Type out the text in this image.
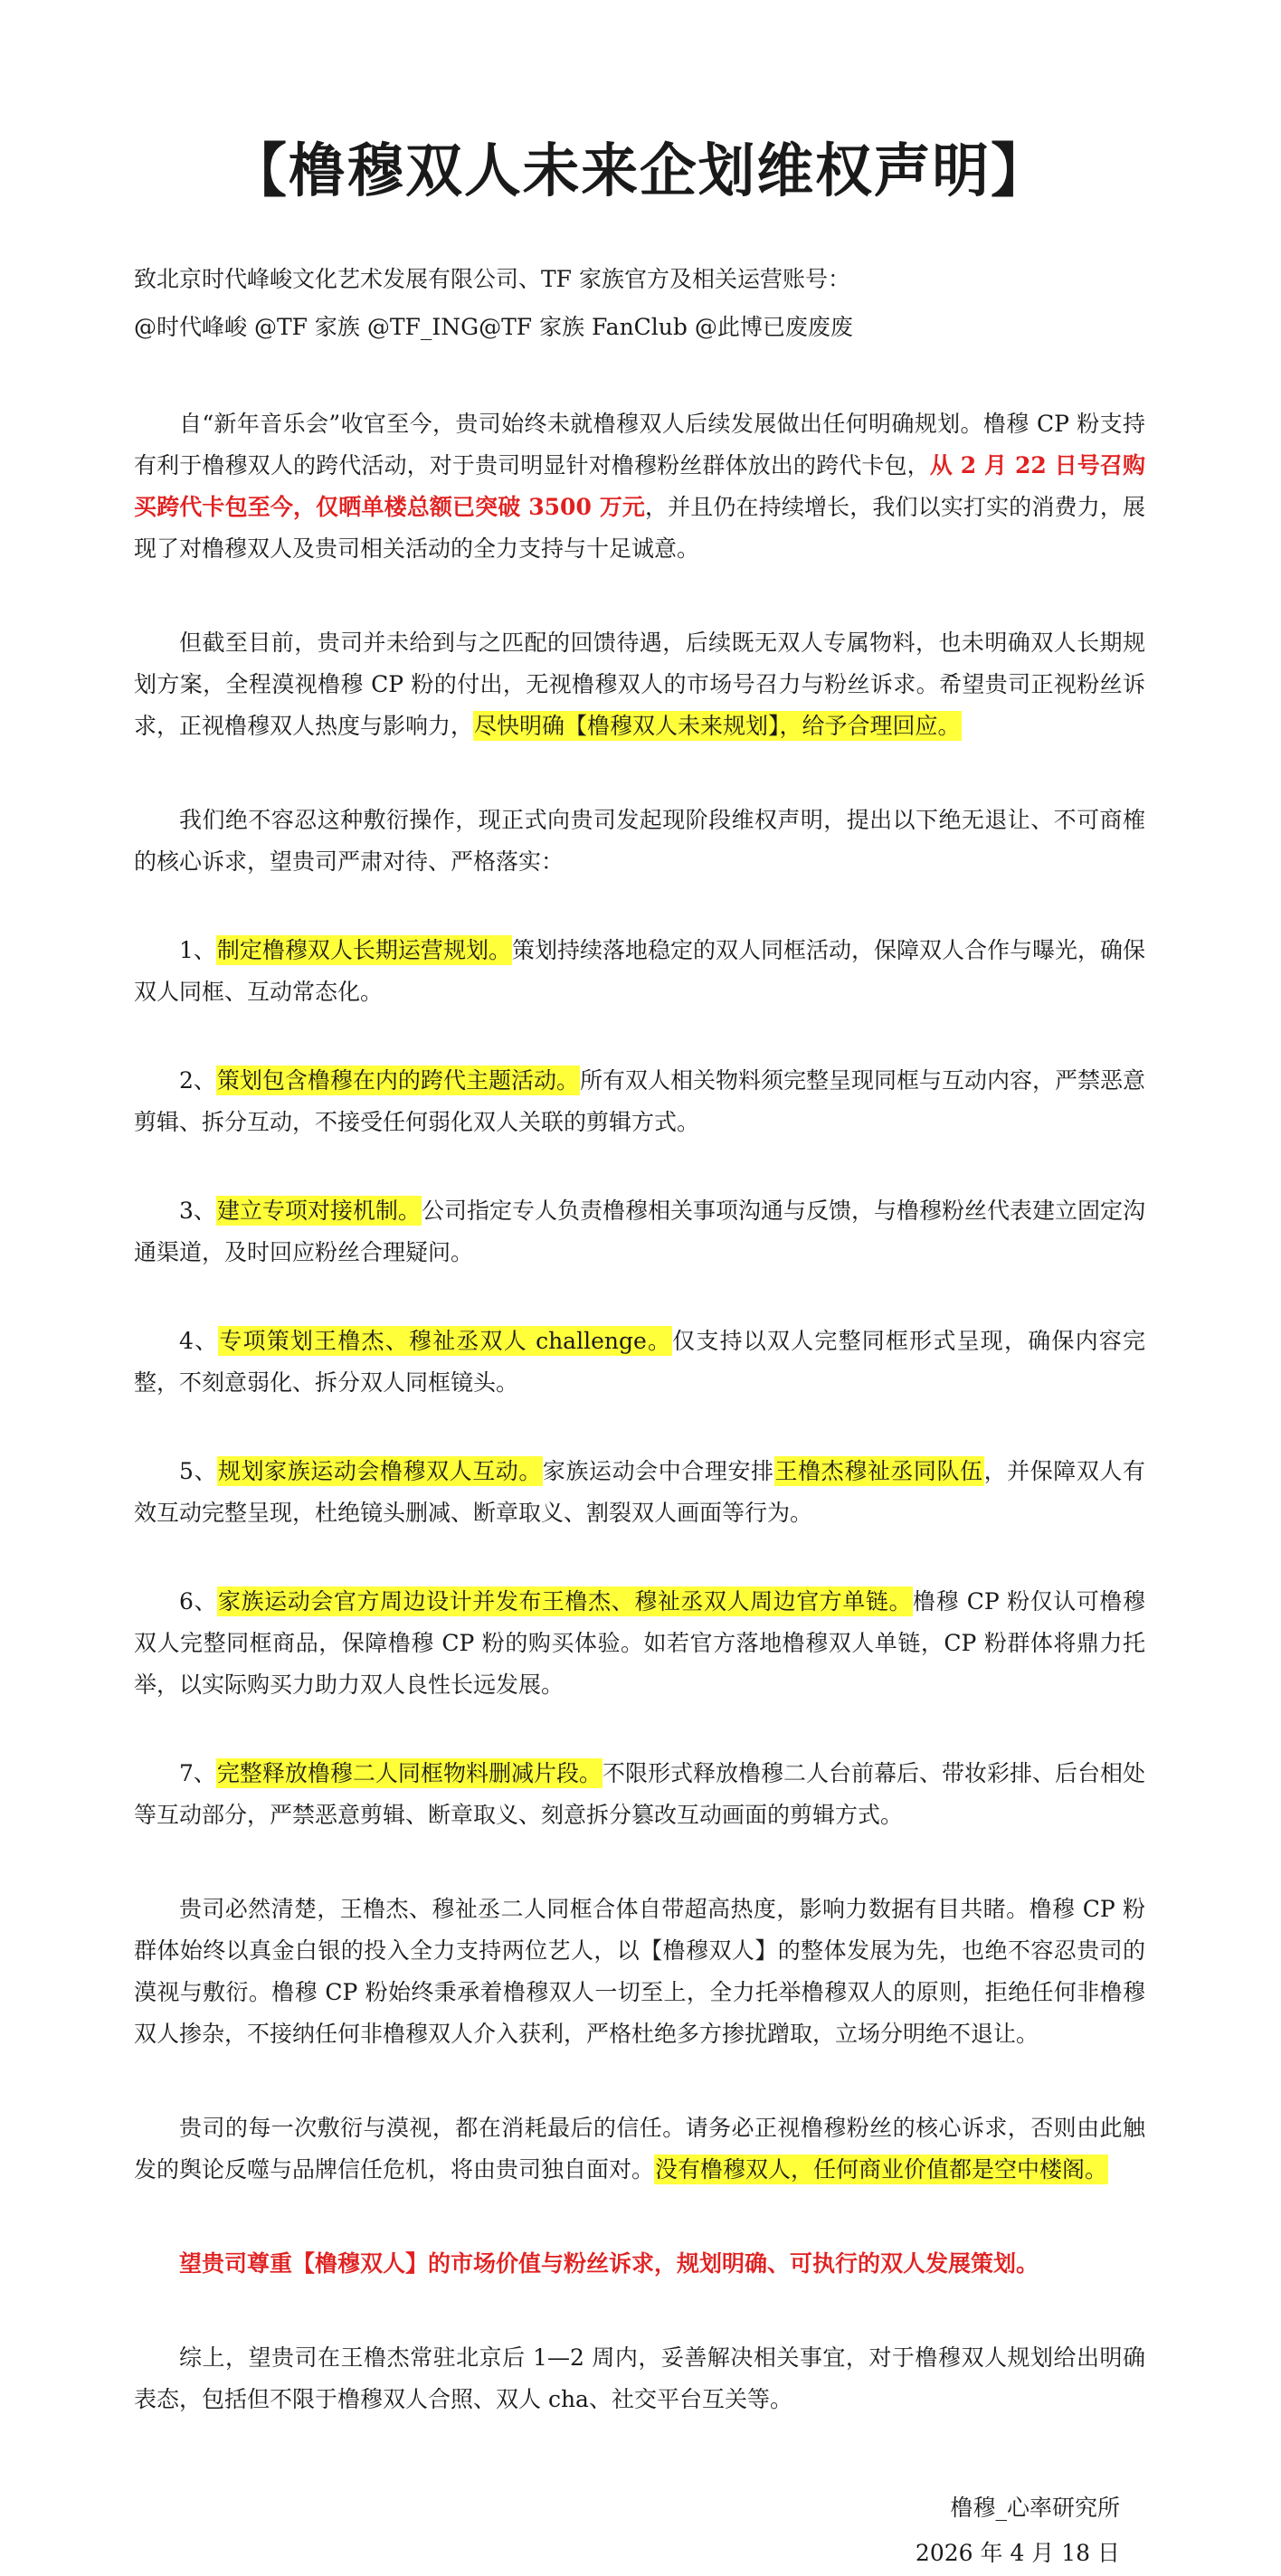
【橹穆双人未来企划维权声明】

致北京时代峰峻文化艺术发展有限公司、TF 家族官方及相关运营账号：

@时代峰峻 @TF 家族 @TF_ING@TF 家族 FanClub @此博已废废废

自“新年音乐会”收官至今，贵司始终未就橹穆双人后续发展做出任何明确规划。橹穆 CP 粉支持有利于橹穆双人的跨代活动，对于贵司明显针对橹穆粉丝群体放出的跨代卡包，从 2 月 22 日号召购买跨代卡包至今，仅晒单楼总额已突破 3500 万元，并且仍在持续增长，我们以实打实的消费力，展现了对橹穆双人及贵司相关活动的全力支持与十足诚意。

但截至目前，贵司并未给到与之匹配的回馈待遇，后续既无双人专属物料，也未明确双人长期规划方案，全程漠视橹穆 CP 粉的付出，无视橹穆双人的市场号召力与粉丝诉求。希望贵司正视粉丝诉求，正视橹穆双人热度与影响力，尽快明确【橹穆双人未来规划】，给予合理回应。

我们绝不容忍这种敷衍操作，现正式向贵司发起现阶段维权声明，提出以下绝无退让、不可商榷的核心诉求，望贵司严肃对待、严格落实：

1、制定橹穆双人长期运营规划。策划持续落地稳定的双人同框活动，保障双人合作与曝光，确保双人同框、互动常态化。

2、策划包含橹穆在内的跨代主题活动。所有双人相关物料须完整呈现同框与互动内容，严禁恶意剪辑、拆分互动，不接受任何弱化双人关联的剪辑方式。

3、建立专项对接机制。公司指定专人负责橹穆相关事项沟通与反馈，与橹穆粉丝代表建立固定沟通渠道，及时回应粉丝合理疑问。

4、专项策划王橹杰、穆祉丞双人 challenge。仅支持以双人完整同框形式呈现，确保内容完整，不刻意弱化、拆分双人同框镜头。

5、规划家族运动会橹穆双人互动。家族运动会中合理安排王橹杰穆祉丞同队伍，并保障双人有效互动完整呈现，杜绝镜头删减、断章取义、割裂双人画面等行为。

6、家族运动会官方周边设计并发布王橹杰、穆祉丞双人周边官方单链。橹穆 CP 粉仅认可橹穆双人完整同框商品，保障橹穆 CP 粉的购买体验。如若官方落地橹穆双人单链，CP 粉群体将鼎力托举，以实际购买力助力双人良性长远发展。

7、完整释放橹穆二人同框物料删减片段。不限形式释放橹穆二人台前幕后、带妆彩排、后台相处等互动部分，严禁恶意剪辑、断章取义、刻意拆分篡改互动画面的剪辑方式。

贵司必然清楚，王橹杰、穆祉丞二人同框合体自带超高热度，影响力数据有目共睹。橹穆 CP 粉群体始终以真金白银的投入全力支持两位艺人，以【橹穆双人】的整体发展为先，也绝不容忍贵司的漠视与敷衍。橹穆 CP 粉始终秉承着橹穆双人一切至上，全力托举橹穆双人的原则，拒绝任何非橹穆双人掺杂，不接纳任何非橹穆双人介入获利，严格杜绝多方掺扰蹭取，立场分明绝不退让。

贵司的每一次敷衍与漠视，都在消耗最后的信任。请务必正视橹穆粉丝的核心诉求，否则由此触发的舆论反噬与品牌信任危机，将由贵司独自面对。没有橹穆双人，任何商业价值都是空中楼阁。

望贵司尊重【橹穆双人】的市场价值与粉丝诉求，规划明确、可执行的双人发展策划。

综上，望贵司在王橹杰常驻北京后 1—2 周内，妥善解决相关事宜，对于橹穆双人规划给出明确表态，包括但不限于橹穆双人合照、双人 cha、社交平台互关等。

橹穆_心率研究所

2026 年 4 月 18 日
